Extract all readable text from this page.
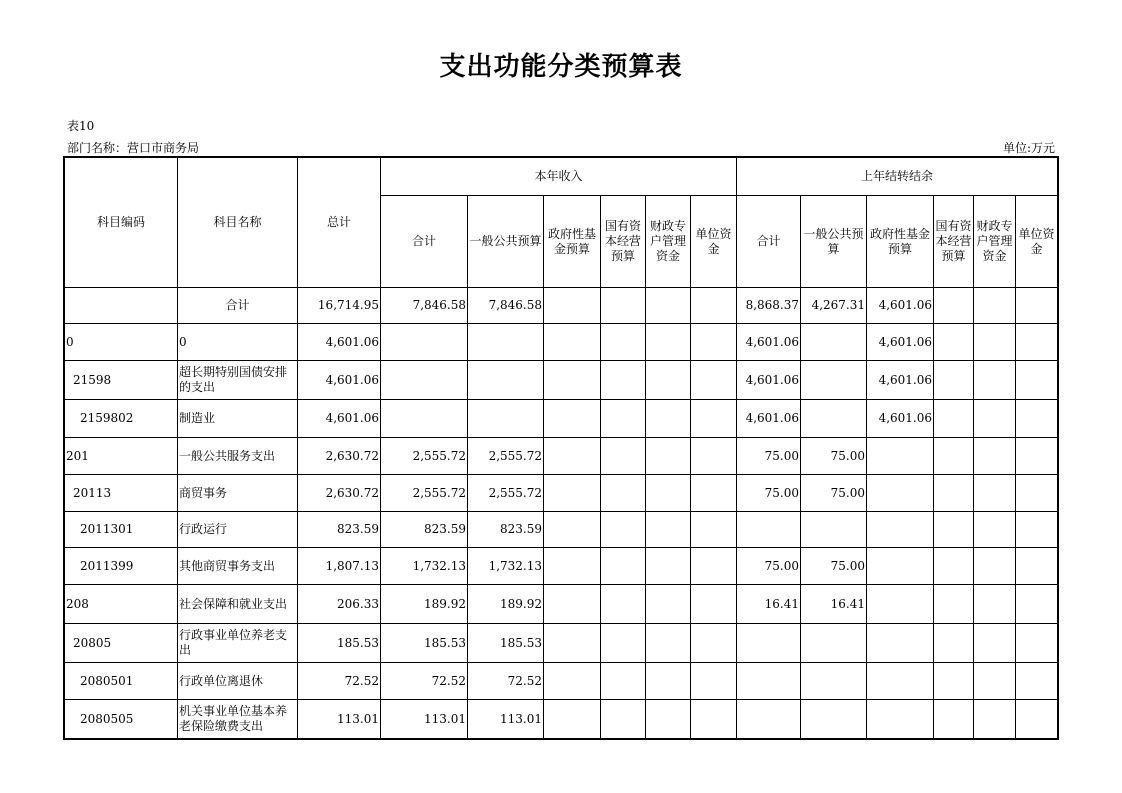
支出功能分类预算表
表10
部门名称：营口市商务局	单位:万元
科目编码	科目名称	总计	本年收入						上年结转结余					
			合计	一般公共预算	政府性基金预算	国有资本经营预算	财政专户管理资金	单位资金	合计	一般公共预算	政府性基金预算	国有资本经营预算	财政专户管理资金	单位资金
	合计	16,714.95	7,846.58	7,846.58					8,868.37	4,267.31	4,601.06			
0	0	4,601.06							4,601.06		4,601.06			
21598	超长期特别国债安排的支出	4,601.06							4,601.06		4,601.06			
2159802	制造业	4,601.06							4,601.06		4,601.06			
201	一般公共服务支出	2,630.72	2,555.72	2,555.72					75.00	75.00				
20113	商贸事务	2,630.72	2,555.72	2,555.72					75.00	75.00				
2011301	行政运行	823.59	823.59	823.59										
2011399	其他商贸事务支出	1,807.13	1,732.13	1,732.13					75.00	75.00				
208	社会保障和就业支出	206.33	189.92	189.92					16.41	16.41				
20805	行政事业单位养老支出	185.53	185.53	185.53										
2080501	行政单位离退休	72.52	72.52	72.52										
2080505	机关事业单位基本养老保险缴费支出	113.01	113.01	113.01										
